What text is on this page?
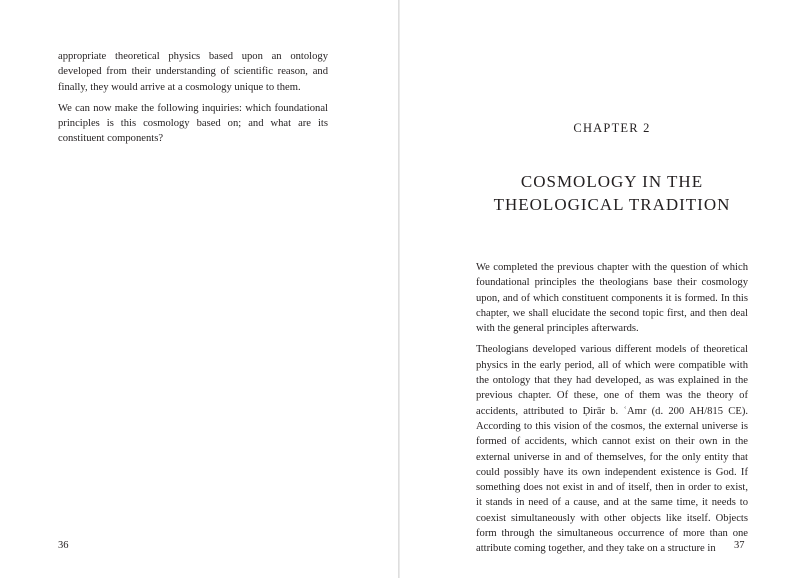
appropriate theoretical physics based upon an ontology developed from their understanding of scientific reason, and finally, they would arrive at a cosmology unique to them.

We can now make the following inquiries: which foundational principles is this cosmology based on; and what are its constituent components?

36
CHAPTER 2
COSMOLOGY IN THE
THEOLOGICAL TRADITION

We completed the previous chapter with the question of which foundational principles the theologians base their cosmology upon, and of which constituent components it is formed. In this chapter, we shall elucidate the second topic first, and then deal with the general principles afterwards.

Theologians developed various different models of theoretical physics in the early period, all of which were compatible with the ontology that they had developed, as was explained in the previous chapter. Of these, one of them was the theory of accidents, attributed to Ḍirār b. ʿAmr (d. 200 AH/815 CE). According to this vision of the cosmos, the external universe is formed of accidents, which cannot exist on their own in the external universe in and of themselves, for the only entity that could possibly have its own independent existence is God. If something does not exist in and of itself, then in order to exist, it stands in need of a cause, and at the same time, it needs to coexist simultaneously with other objects like itself. Objects form through the simultaneous occurrence of more than one attribute coming together, and they take on a structure in	37
